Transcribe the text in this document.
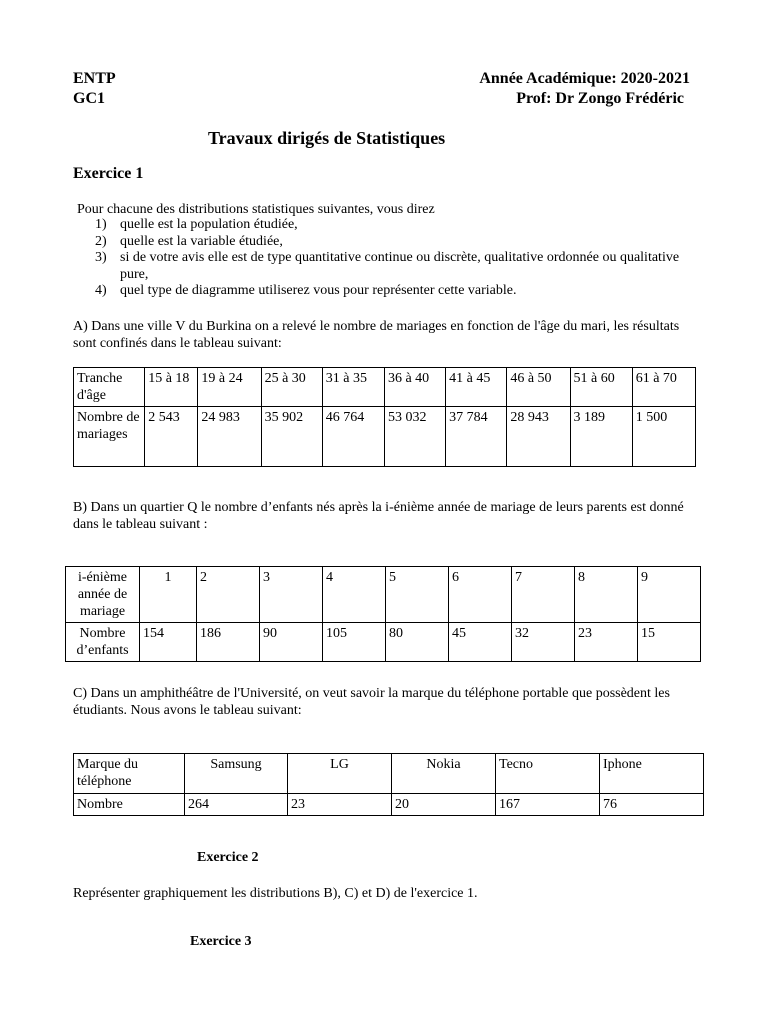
ENTP
GC1
Année Académique: 2020-2021
Prof: Dr Zongo Frédéric
Travaux dirigés de Statistiques
Exercice 1
Pour chacune des distributions statistiques suivantes, vous direz
1) quelle est la population étudiée,
2) quelle est la variable étudiée,
3) si de votre avis elle est de type quantitative continue ou discrète, qualitative ordonnée ou qualitative pure,
4) quel type de diagramme utiliserez vous pour représenter cette variable.
A) Dans une ville V du Burkina on a relevé le nombre de mariages en fonction de l'âge du mari, les résultats sont confinés dans le tableau suivant:
Tranche d'âge	15 à 18	19 à 24	25 à 30	31 à 35	36 à 40	41 à 45	46 à 50	51 à 60	61 à 70
Nombre de mariages	2 543	24 983	35 902	46 764	53 032	37 784	28 943	3 189	1 500
B) Dans un quartier Q le nombre d’enfants nés après la i-énième année de mariage de leurs parents est donné dans le tableau suivant :
i-énième année de mariage	1	2	3	4	5	6	7	8	9
Nombre d’enfants	154	186	90	105	80	45	32	23	15
C) Dans un amphithéâtre de l'Université, on veut savoir la marque du téléphone portable que possèdent les étudiants. Nous avons le tableau suivant:
Marque du téléphone	Samsung	LG	Nokia	Tecno	Iphone
Nombre	264	23	20	167	76
Exercice 2
Représenter graphiquement les distributions B), C) et D) de l'exercice 1.
Exercice 3
